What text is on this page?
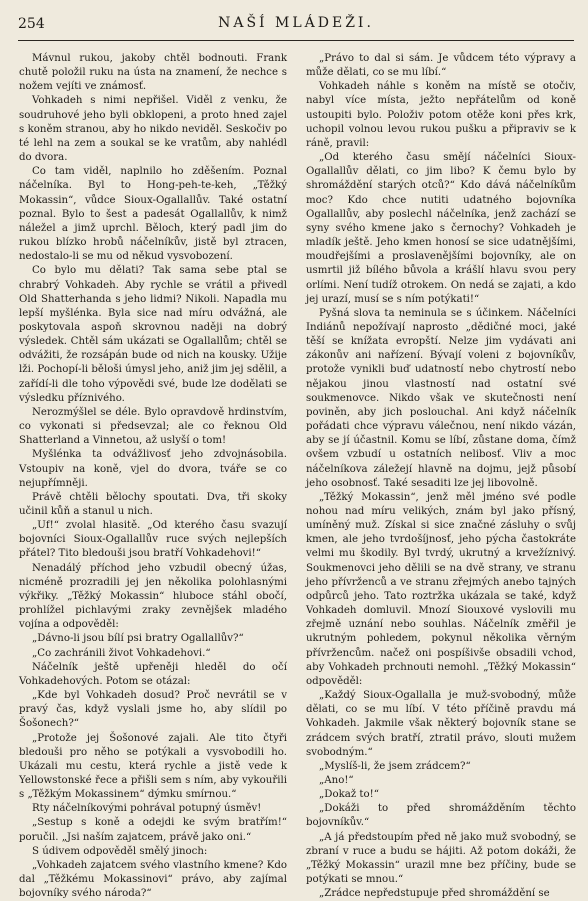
254	NAŠÍ MLÁDEŽI.

Mávnul rukou, jakoby chtěl bodnouti. Frank chutě položil ruku na ústa na znamení, že nechce s nožem vejíti ve známosť.

Vohkadeh s nimi nepřišel. Viděl z venku, že soudruhové jeho byli obklopeni, a proto hned zajel s koněm stranou, aby ho nikdo neviděl. Seskočiv po té lehl na zem a soukal se ke vratům, aby nahlédl do dvora.

Co tam viděl, naplnilo ho zděšením. Poznal náčelníka. Byl to Hong-peh-te-keh, „Těžký Mokassin“, vůdce Sioux-Ogallallův. Také ostatní poznal. Bylo to šest a padesát Ogallallův, k nimž náležel a jimž uprchl. Běloch, který padl jim do rukou blízko hrobů náčelníkův, jistě byl ztracen, nedostalo-li se mu od někud vysvobození.

Co bylo mu dělati? Tak sama sebe ptal se chrabrý Vohkadeh. Aby rychle se vrátil a přivedl Old Shatterhanda s jeho lidmi? Nikoli. Napadla mu lepší myšlénka. Byla sice nad míru odvážná, ale poskytovala aspoň skrovnou naději na dobrý výsledek. Chtěl sám ukázati se Ogallallům; chtěl se odvážiti, že rozsápán bude od nich na kousky. Užije lži. Pochopí-li běloši úmysl jeho, aniž jim jej sdělil, a zařídí-li dle toho výpovědi své, bude lze dodělati se výsledku příznivého.

Nerozmýšlel se déle. Bylo opravdově hrdinstvím, co vykonati si předsevzal; ale co řeknou Old Shatterland a Vinnetou, až uslyší o tom!

Myšlénka ta odvážlivosť jeho zdvojnásobila. Vstoupiv na koně, vjel do dvora, tváře se co nejupřímněji.

Právě chtěli bělochy spoutati. Dva, tři skoky učinil kůň a stanul u nich.

„Uf!“ zvolal hlasitě. „Od kterého času svazují bojovníci Sioux-Ogallallův ruce svých nejlepších přátel? Tito bledouši jsou bratří Vohkadehovi!“

Nenadálý příchod jeho vzbudil obecný úžas, nicméně prozradili jej jen několika polohlasnými výkřiky. „Těžký Mokassin“ hluboce stáhl obočí, prohlížel pichlavými zraky zevnějšek mladého vojína a odpověděl:

„Dávno-li jsou bílí psi bratry Ogallallův?“

„Co zachránili život Vohkadehovi.“

Náčelník ještě upřeněji hleděl do očí Vohkadehových. Potom se otázal:

„Kde byl Vohkadeh dosud? Proč nevrátil se v pravý čas, když vyslali jsme ho, aby slídil po Šošonech?“

„Protože jej Šošonové zajali. Ale tito čtyři bledouši pro něho se potýkali a vysvobodili ho. Ukázali mu cestu, která rychle a jistě vede k Yellowstonské řece a přišli sem s ním, aby vykouřili s „Těžkým Mokassinem“ dýmku smírnou.“

Rty náčelníkovými pohrával potupný úsměv!

„Sestup s koně a odejdi ke svým bratřím!“ poručil. „Jsi naším zajatcem, právě jako oni.“

S údivem odpověděl smělý jinoch:

„Vohkadeh zajatcem svého vlastního kmene? Kdo dal „Těžkému Mokassinovi“ právo, aby zajímal bojovníky svého národa?“

„Právo to dal si sám. Je vůdcem této výpravy a může dělati, co se mu líbí.“

Vohkadeh náhle s koněm na místě se otočiv, nabyl více místa, ježto nepřátelům od koně ustoupiti bylo. Položiv potom otěže koni přes krk, uchopil volnou levou rukou pušku a připraviv se k ráně, pravil:

„Od kterého času smějí náčelníci Sioux-Ogallallův dělati, co jim libo? K čemu bylo by shromáždění starých otců?“ Kdo dává náčelníkům moc? Kdo chce nutiti udatného bojovníka Ogallallův, aby poslechl náčelníka, jenž zachází se syny svého kmene jako s černochy? Vohkadeh je mladík ještě. Jeho kmen honosí se sice udatnějšími, moudřejšími a proslavenějšími bojovníky, ale on usmrtil již bílého bůvola a krášlí hlavu svou pery orlími. Není tudíž otrokem. On nedá se zajati, a kdo jej urazí, musí se s ním potýkati!“

Pyšná slova ta neminula se s účinkem. Náčelníci Indiánů nepožívají naprosto „dědičné moci, jaké těší se knížata evropští. Nelze jim vydávati ani zákonův ani nařízení. Bývají voleni z bojovníkův, protože vynikli buď udatností nebo chytrostí nebo nějakou jinou vlastností nad ostatní své soukmenovce. Nikdo však ve skutečnosti není poviněn, aby jich poslouchal. Ani když náčelník pořádati chce výpravu válečnou, není nikdo vázán, aby se jí účastnil. Komu se líbí, zůstane doma, čímž ovšem vzbudí u ostatních nelibosť. Vliv a moc náčelníkova záležejí hlavně na dojmu, jejž působí jeho osobnosť. Také sesaditi lze jej libovolně.

„Těžký Mokassin“, jenž měl jméno své podle nohou nad míru velikých, znám byl jako přísný, umíněný muž. Získal si sice značné zásluhy o svůj kmen, ale jeho tvrdošíjnosť, jeho pýcha častokráte velmi mu škodily. Byl tvrdý, ukrutný a krvežíznivý. Soukmenovci jeho dělili se na dvě strany, ve stranu jeho přívrženců a ve stranu zřejmých anebo tajných odpůrců jeho. Tato roztržka ukázala se také, když Vohkadeh domluvil. Mnozí Siouxové vyslovili mu zřejmě uznání nebo souhlas. Náčelník změřil je ukrutným pohledem, pokynul několika věrným přívržencům. načež oni pospíšivše obsadili vchod, aby Vohkadeh prchnouti nemohl. „Těžký Mokassin“ odpověděl:

„Každý Sioux-Ogallalla je muž-svobodný, může dělati, co se mu líbí. V této příčině pravdu má Vohkadeh. Jakmile však některý bojovník stane se zrádcem svých bratří, ztratil právo, slouti mužem svobodným.“

„Myslíš-li, že jsem zrádcem?“

„Ano!“

„Dokaž to!“

„Dokáži to před shromážděním těchto bojovníkův.“

„A já předstoupím před ně jako muž svobodný, se zbraní v ruce a budu se hájiti. Až potom dokáži, že „Těžký Mokassin“ urazil mne bez příčiny, bude se potýkati se mnou.“

„Zrádce nepředstupuje před shromáždění se
